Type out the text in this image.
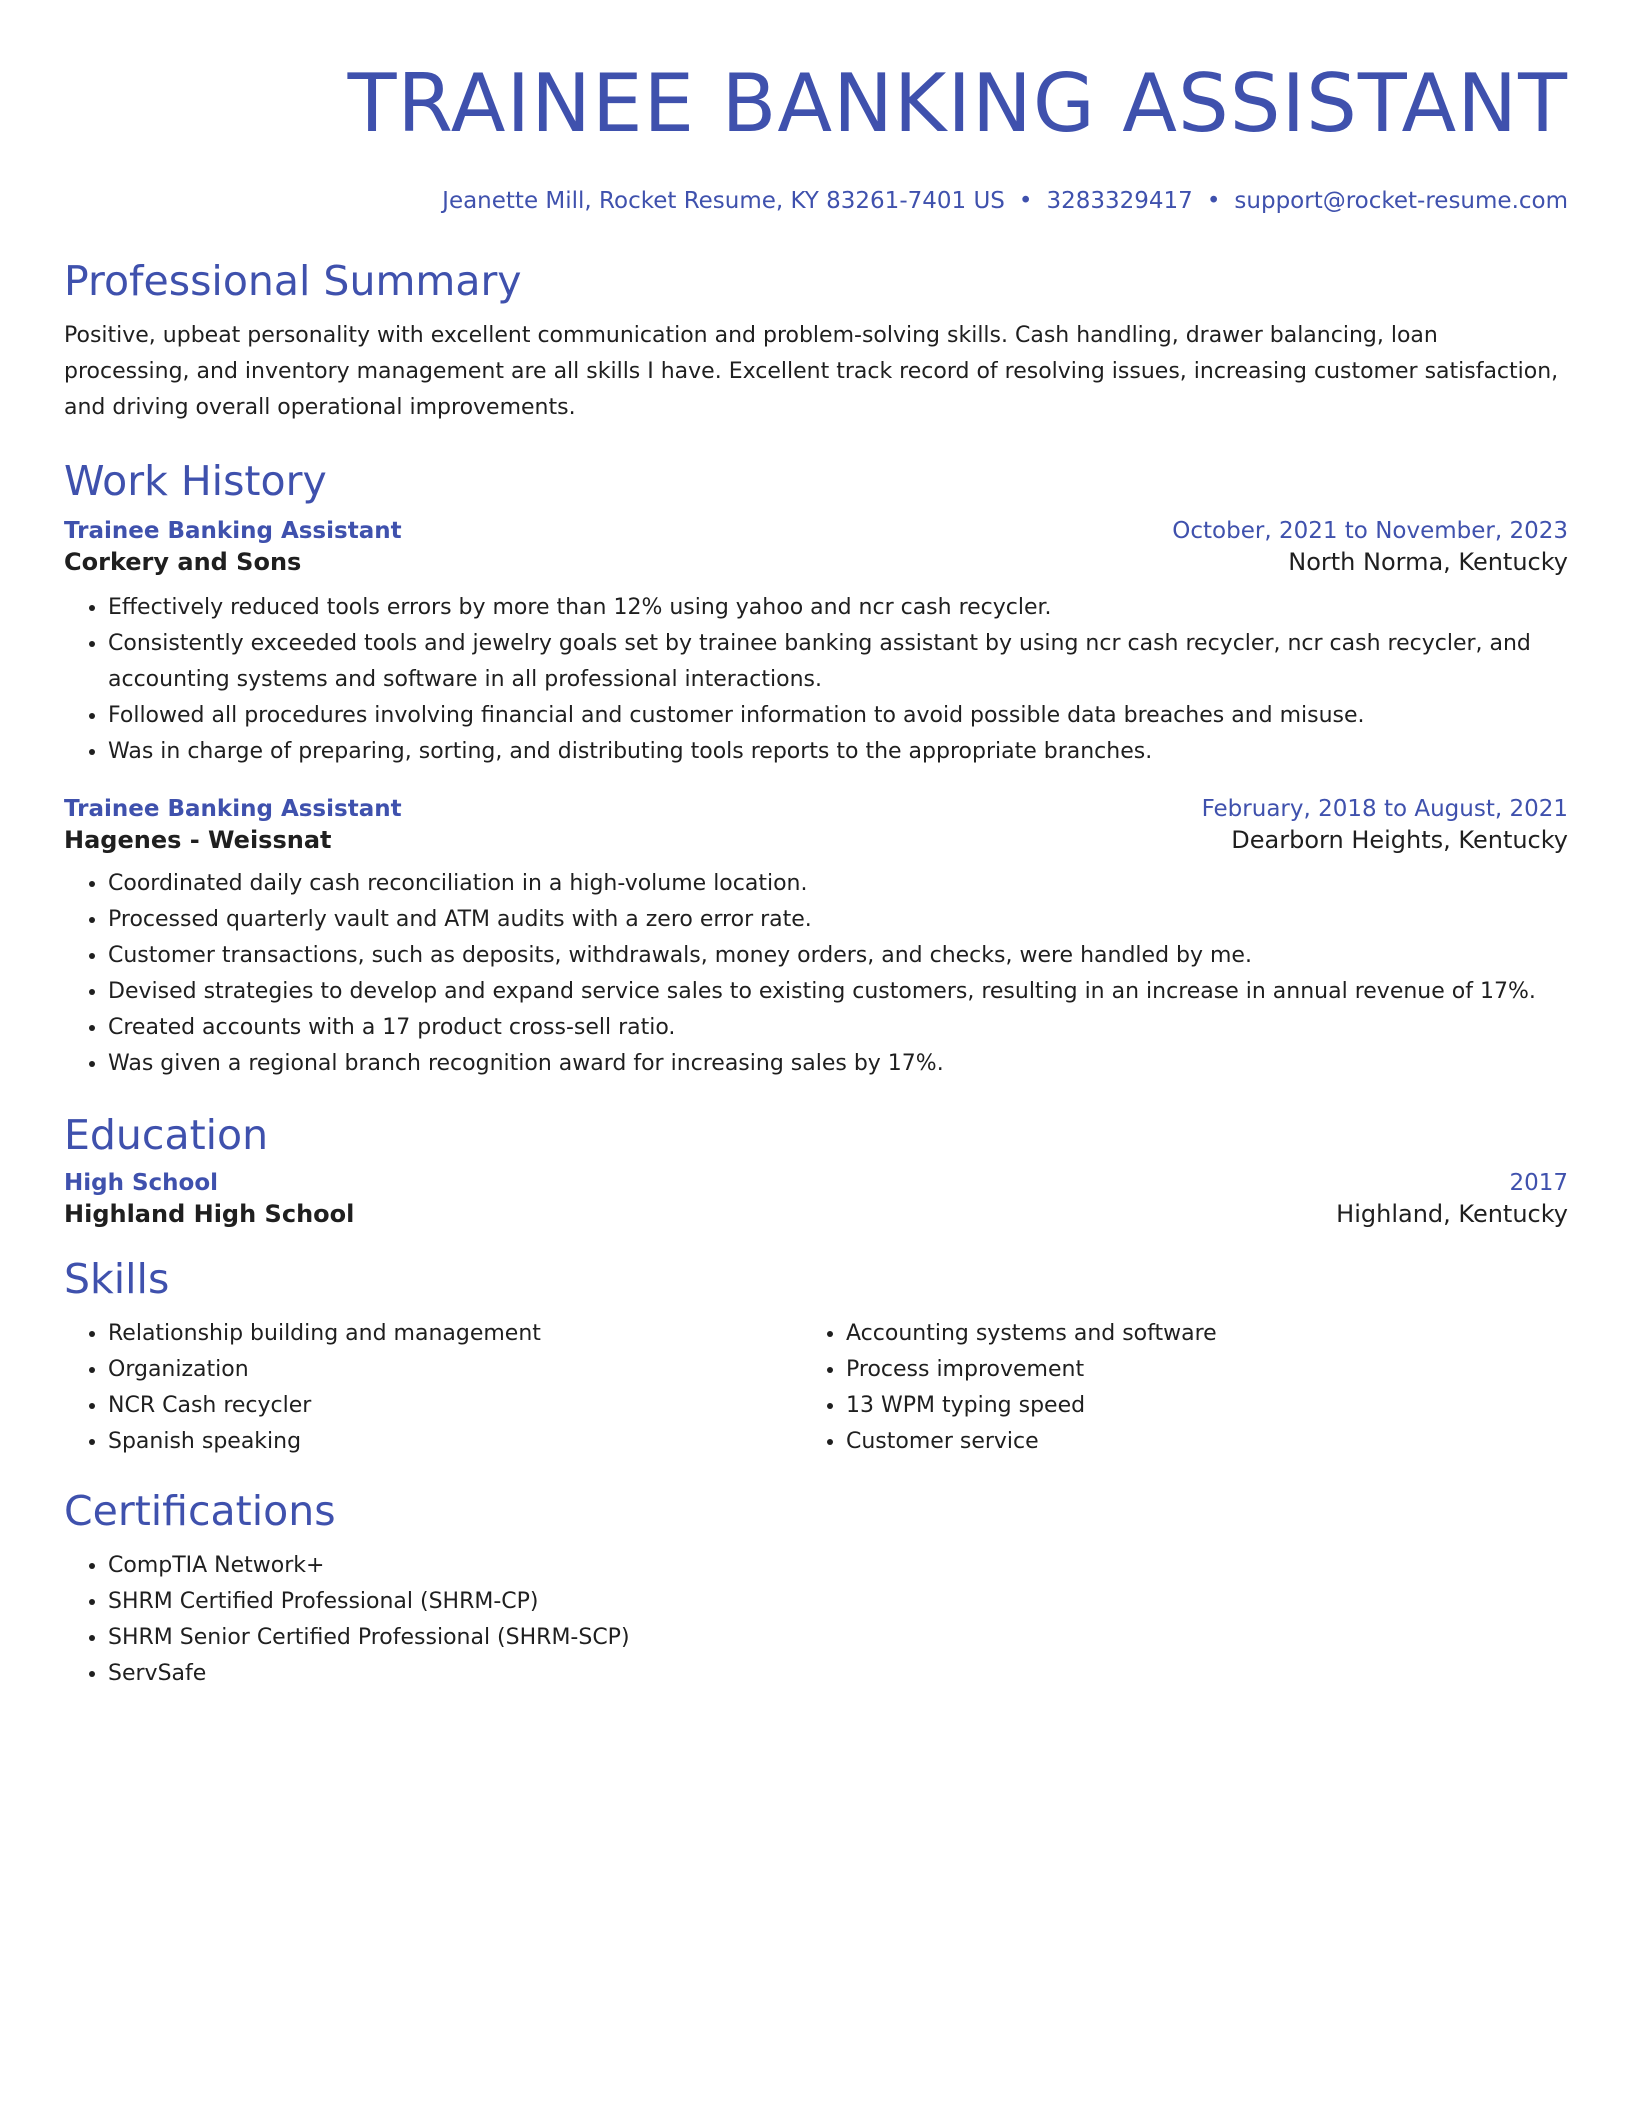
TRAINEE BANKING ASSISTANT
Jeanette Mill, Rocket Resume, KY 83261-7401 US • 3283329417 • support@rocket-resume.com
Professional Summary

Positive, upbeat personality with excellent communication and problem-solving skills. Cash handling, drawer balancing, loan processing, and inventory management are all skills I have. Excellent track record of resolving issues, increasing customer satisfaction, and driving overall operational improvements.

Work History
Trainee Banking Assistant	October, 2021 to November, 2023
Corkery and Sons	North Norma, Kentucky
• Effectively reduced tools errors by more than 12% using yahoo and ncr cash recycler.
• Consistently exceeded tools and jewelry goals set by trainee banking assistant by using ncr cash recycler, ncr cash recycler, and accounting systems and software in all professional interactions.
• Followed all procedures involving financial and customer information to avoid possible data breaches and misuse.
• Was in charge of preparing, sorting, and distributing tools reports to the appropriate branches.
Trainee Banking Assistant	February, 2018 to August, 2021
Hagenes - Weissnat	Dearborn Heights, Kentucky
• Coordinated daily cash reconciliation in a high-volume location.
• Processed quarterly vault and ATM audits with a zero error rate.
• Customer transactions, such as deposits, withdrawals, money orders, and checks, were handled by me.
• Devised strategies to develop and expand service sales to existing customers, resulting in an increase in annual revenue of 17%.
• Created accounts with a 17 product cross-sell ratio.
• Was given a regional branch recognition award for increasing sales by 17%.
Education
High School	2017
Highland High School	Highland, Kentucky
Skills
• Relationship building and management
• Organization
• NCR Cash recycler
• Spanish speaking
• Accounting systems and software
• Process improvement
• 13 WPM typing speed
• Customer service
Certifications
• CompTIA Network+
• SHRM Certified Professional (SHRM-CP)
• SHRM Senior Certified Professional (SHRM-SCP)
• ServSafe
